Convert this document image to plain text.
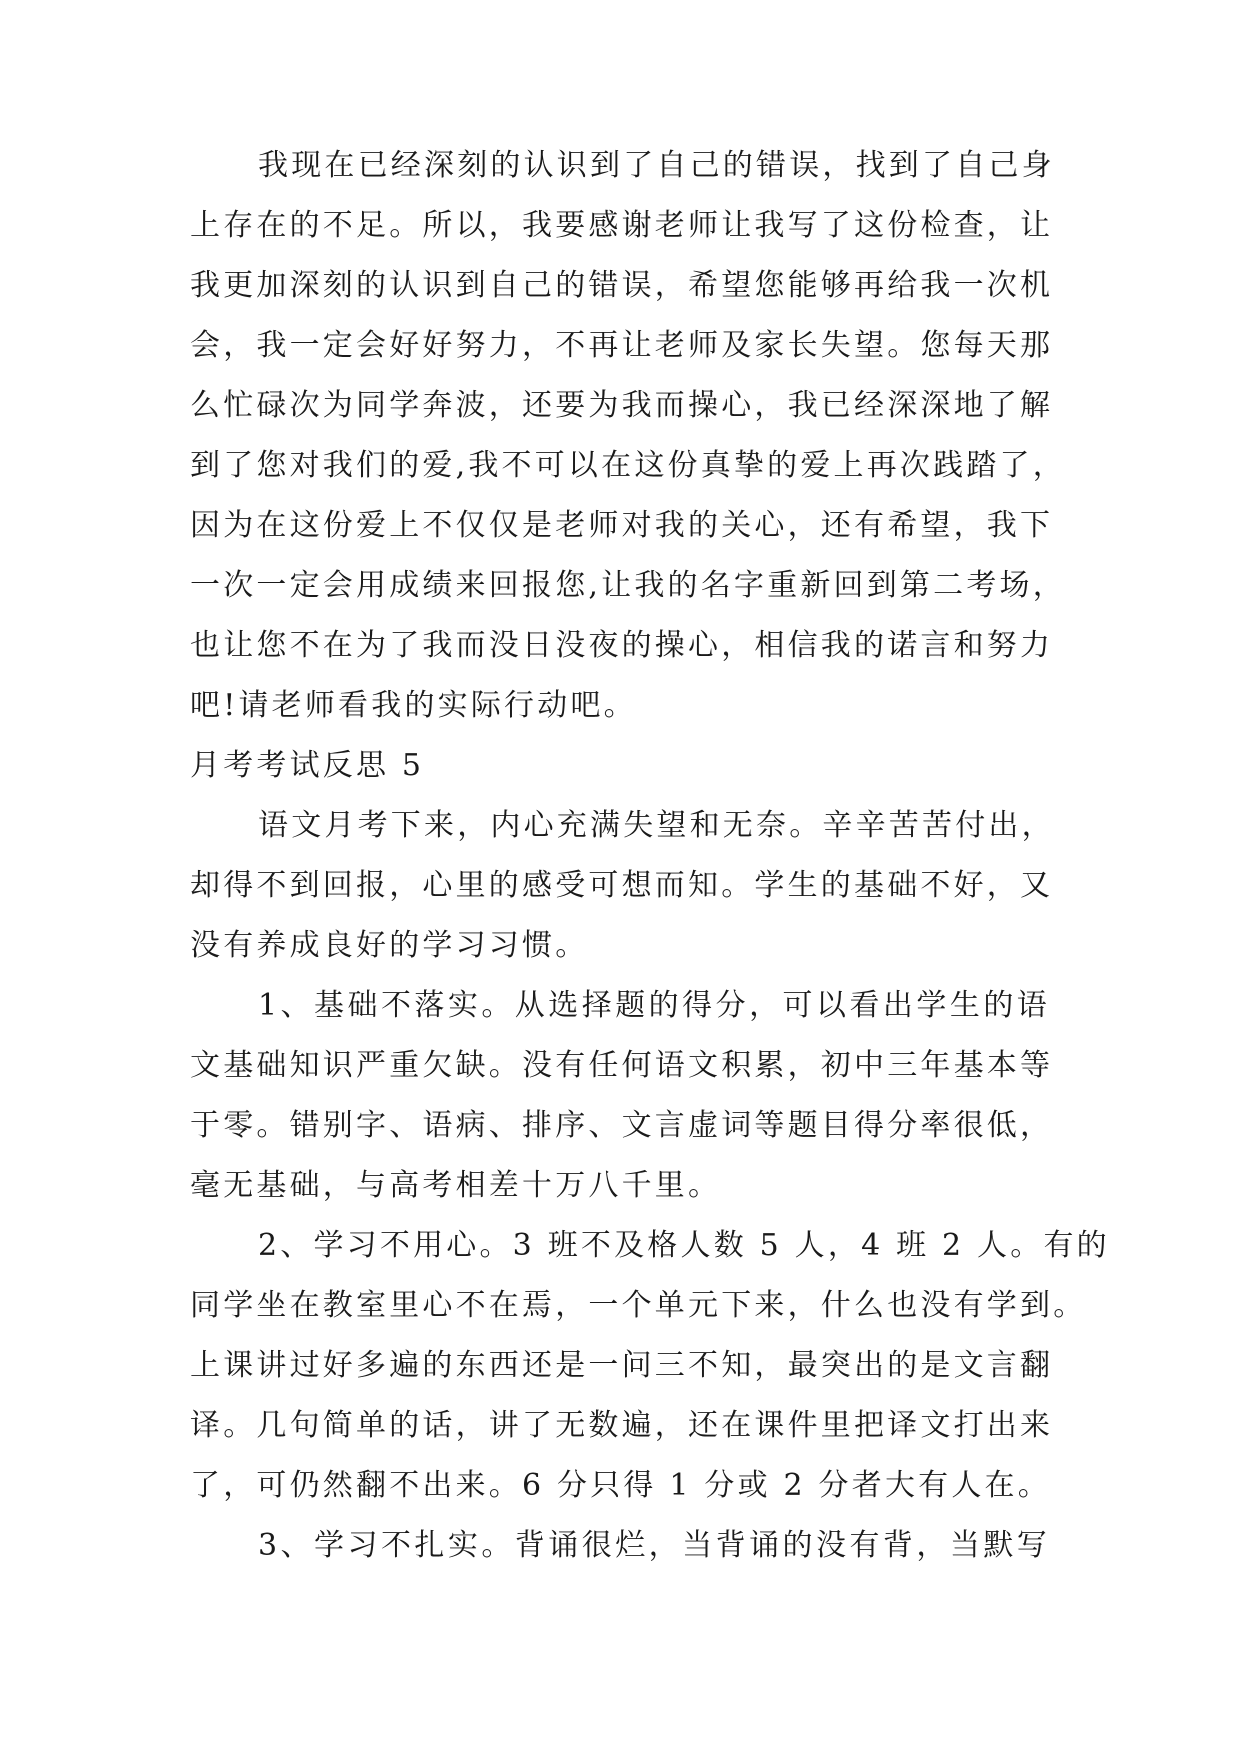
我现在已经深刻的认识到了自己的错误，找到了自己身

上存在的不足。所以，我要感谢老师让我写了这份检查，让

我更加深刻的认识到自己的错误，希望您能够再给我一次机

会，我一定会好好努力，不再让老师及家长失望。您每天那

么忙碌次为同学奔波，还要为我而操心，我已经深深地了解

到了您对我们的爱,我不可以在这份真挚的爱上再次践踏了，

因为在这份爱上不仅仅是老师对我的关心，还有希望，我下

一次一定会用成绩来回报您,让我的名字重新回到第二考场，

也让您不在为了我而没日没夜的操心，相信我的诺言和努力

吧!请老师看我的实际行动吧。

月考考试反思 5

语文月考下来，内心充满失望和无奈。辛辛苦苦付出，

却得不到回报，心里的感受可想而知。学生的基础不好，又

没有养成良好的学习习惯。

1、基础不落实。从选择题的得分，可以看出学生的语

文基础知识严重欠缺。没有任何语文积累，初中三年基本等

于零。错别字、语病、排序、文言虚词等题目得分率很低，

毫无基础，与高考相差十万八千里。

2、学习不用心。3 班不及格人数 5 人，4 班 2 人。有的

同学坐在教室里心不在焉，一个单元下来，什么也没有学到。

上课讲过好多遍的东西还是一问三不知，最突出的是文言翻

译。几句简单的话，讲了无数遍，还在课件里把译文打出来

了，可仍然翻不出来。6 分只得 1 分或 2 分者大有人在。

3、学习不扎实。背诵很烂，当背诵的没有背，当默写
